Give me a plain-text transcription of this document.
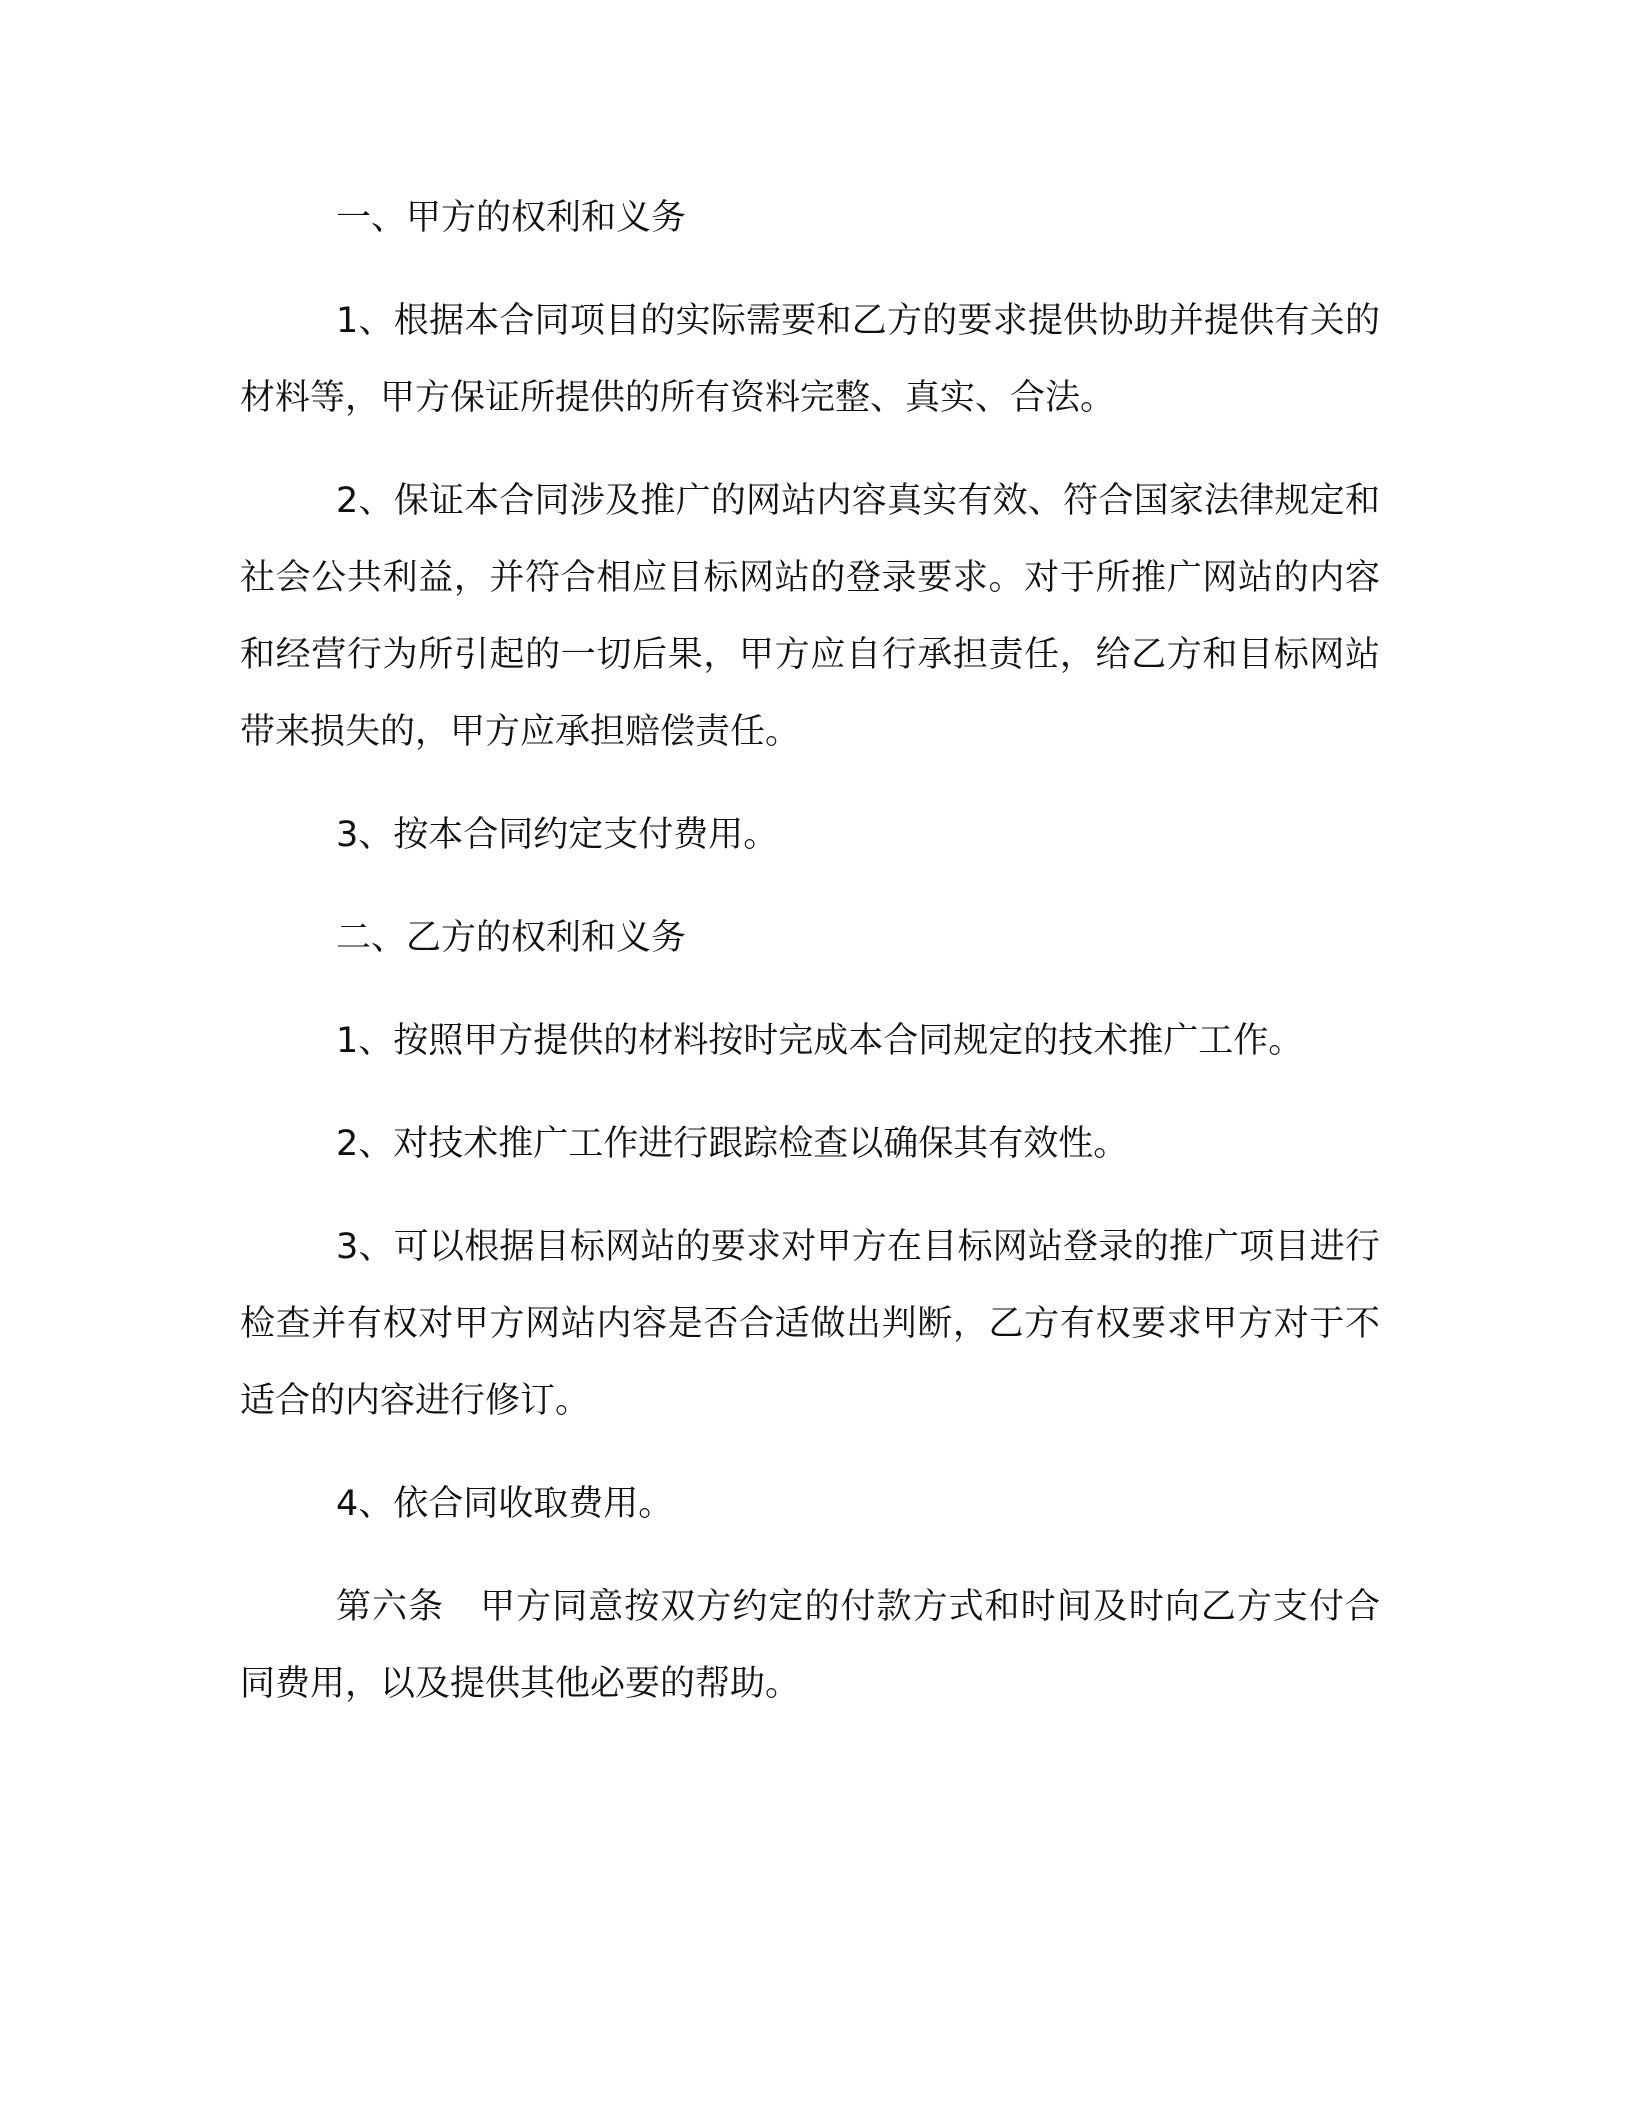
一、甲方的权利和义务

1、根据本合同项目的实际需要和乙方的要求提供协助并提供有关的材料等，甲方保证所提供的所有资料完整、真实、合法。

2、保证本合同涉及推广的网站内容真实有效、符合国家法律规定和社会公共利益，并符合相应目标网站的登录要求。对于所推广网站的内容和经营行为所引起的一切后果，甲方应自行承担责任，给乙方和目标网站带来损失的，甲方应承担赔偿责任。

3、按本合同约定支付费用。

二、乙方的权利和义务

1、按照甲方提供的材料按时完成本合同规定的技术推广工作。

2、对技术推广工作进行跟踪检查以确保其有效性。

3、可以根据目标网站的要求对甲方在目标网站登录的推广项目进行检查并有权对甲方网站内容是否合适做出判断，乙方有权要求甲方对于不适合的内容进行修订。

4、依合同收取费用。

第六条　甲方同意按双方约定的付款方式和时间及时向乙方支付合同费用，以及提供其他必要的帮助。
